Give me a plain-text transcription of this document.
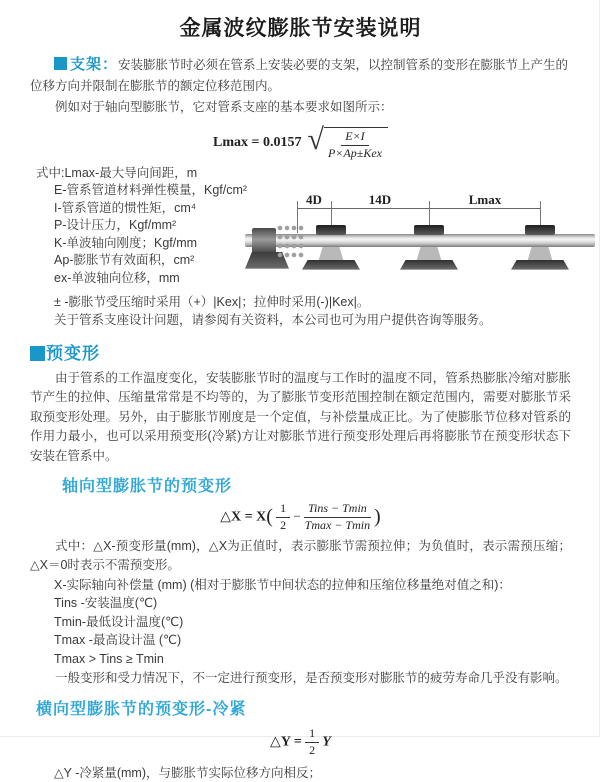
金属波纹膨胀节安装说明

支架：安装膨胀节时必须在管系上安装必要的支架，以控制管系的变形在膨胀节上产生的位移方向并限制在膨胀节的额定位移范围内。

例如对于轴向型膨胀节，它对管系支座的基本要求如图所示：

Lmax = 0.0157 √ $\frac{E\times I}{\text{P×Ap±Kex}}$
式中:Lmax-最大导向间距，m
E-管系管道材料弹性模量，Kgf/cm²
I-管系管道的惯性矩，cm⁴
P-设计压力，Kgf/mm²
K-单波轴向刚度；Kgf/mm
Ap-膨胀节有效面积，cm²
ex-单波轴向位移，mm
4D	14D	Lmax

± -膨胀节受压缩时采用（+）|Kex|；拉伸时采用(-)|Kex|。

关于管系支座设计问题，请参阅有关资料，本公司也可为用户提供咨询等服务。

预变形

由于管系的工作温度变化，安装膨胀节时的温度与工作时的温度不同，管系热膨胀冷缩对膨胀节产生的拉伸、压缩量常常是不均等的，为了膨胀节变形范围控制在额定范围内，需要对膨胀节采取预变形处理。另外，由于膨胀节刚度是一个定值，与补偿量成正比。为了使膨胀节位移对管系的作用力最小，也可以采用预变形(冷紧)方让对膨胀节进行预变形处理后再将膨胀节在预变形状态下安装在管系中。

轴向型膨胀节的预变形
△X = $X( \frac{1}{2} - \frac{\text{Tins − Tmin}}{Tmax - Tmin}$ )

式中：△X-预变形量(mm)，△X为正值时，表示膨胀节需预拉伸；为负值时，表示需预压缩；△X＝0时表示不需预变形。

X-实际轴向补偿量 (mm) (相对于膨胀节中间状态的拉伸和压缩位移量绝对值之和)：
Tins -安装温度(℃)
Tmin-最低设计温度(℃)
Tmax -最高设计温 (℃)
Tmax > Tins ≥ Tmin

一般变形和受力情况下，不一定进行预变形，是否预变形对膨胀节的疲劳寿命几乎没有影响。

横向型膨胀节的预变形-冷紧
△Y = $\frac{1}{2}$ Y

△Y -冷紧量(mm)，与膨胀节实际位移方向相反；
